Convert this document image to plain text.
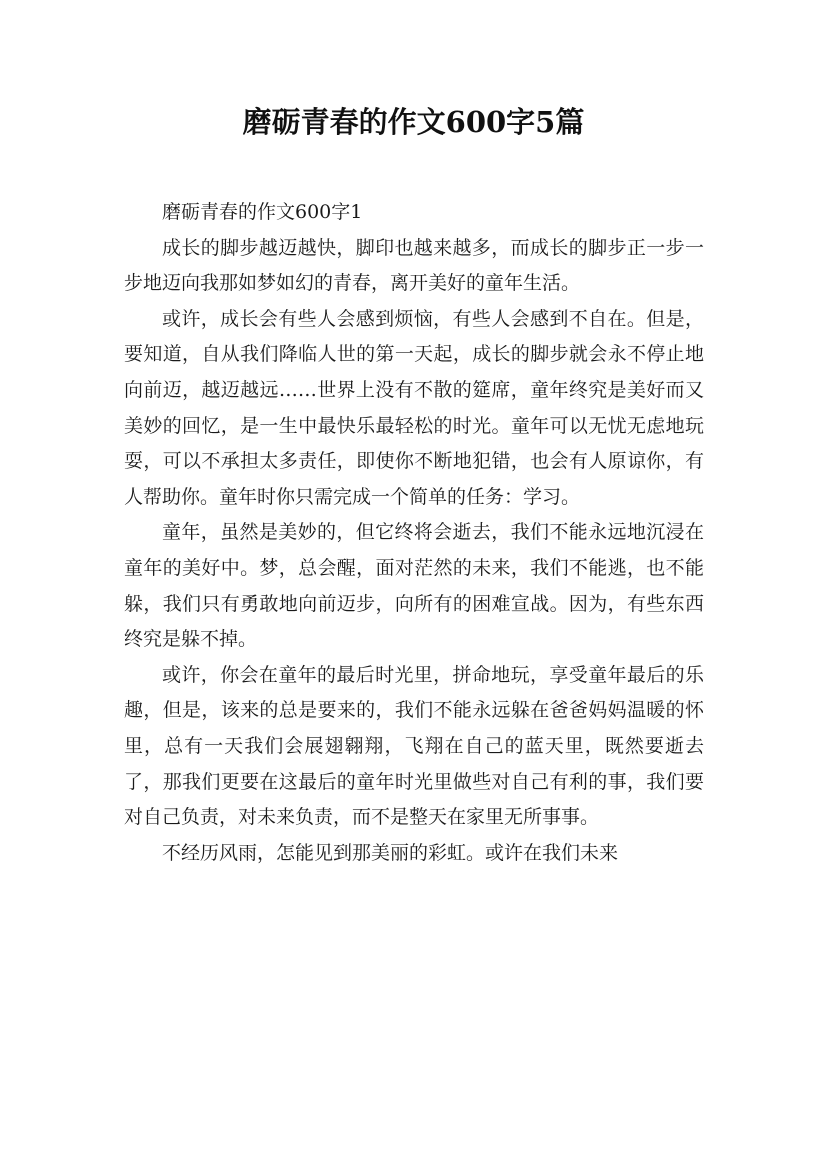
磨砺青春的作文600字5篇

磨砺青春的作文600字1

成长的脚步越迈越快，脚印也越来越多，而成长的脚步正一步一步地迈向我那如梦如幻的青春，离开美好的童年生活。

或许，成长会有些人会感到烦恼，有些人会感到不自在。但是，要知道，自从我们降临人世的第一天起，成长的脚步就会永不停止地向前迈，越迈越远……世界上没有不散的筵席，童年终究是美好而又美妙的回忆，是一生中最快乐最轻松的时光。童年可以无忧无虑地玩耍，可以不承担太多责任，即使你不断地犯错，也会有人原谅你，有人帮助你。童年时你只需完成一个简单的任务：学习。

童年，虽然是美妙的，但它终将会逝去，我们不能永远地沉浸在童年的美好中。梦，总会醒，面对茫然的未来，我们不能逃，也不能躲，我们只有勇敢地向前迈步，向所有的困难宣战。因为，有些东西终究是躲不掉。

或许，你会在童年的最后时光里，拼命地玩，享受童年最后的乐趣，但是，该来的总是要来的，我们不能永远躲在爸爸妈妈温暖的怀里，总有一天我们会展翅翱翔，飞翔在自己的蓝天里，既然要逝去了，那我们更要在这最后的童年时光里做些对自己有利的事，我们要对自己负责，对未来负责，而不是整天在家里无所事事。

不经历风雨，怎能见到那美丽的彩虹。或许在我们未来
